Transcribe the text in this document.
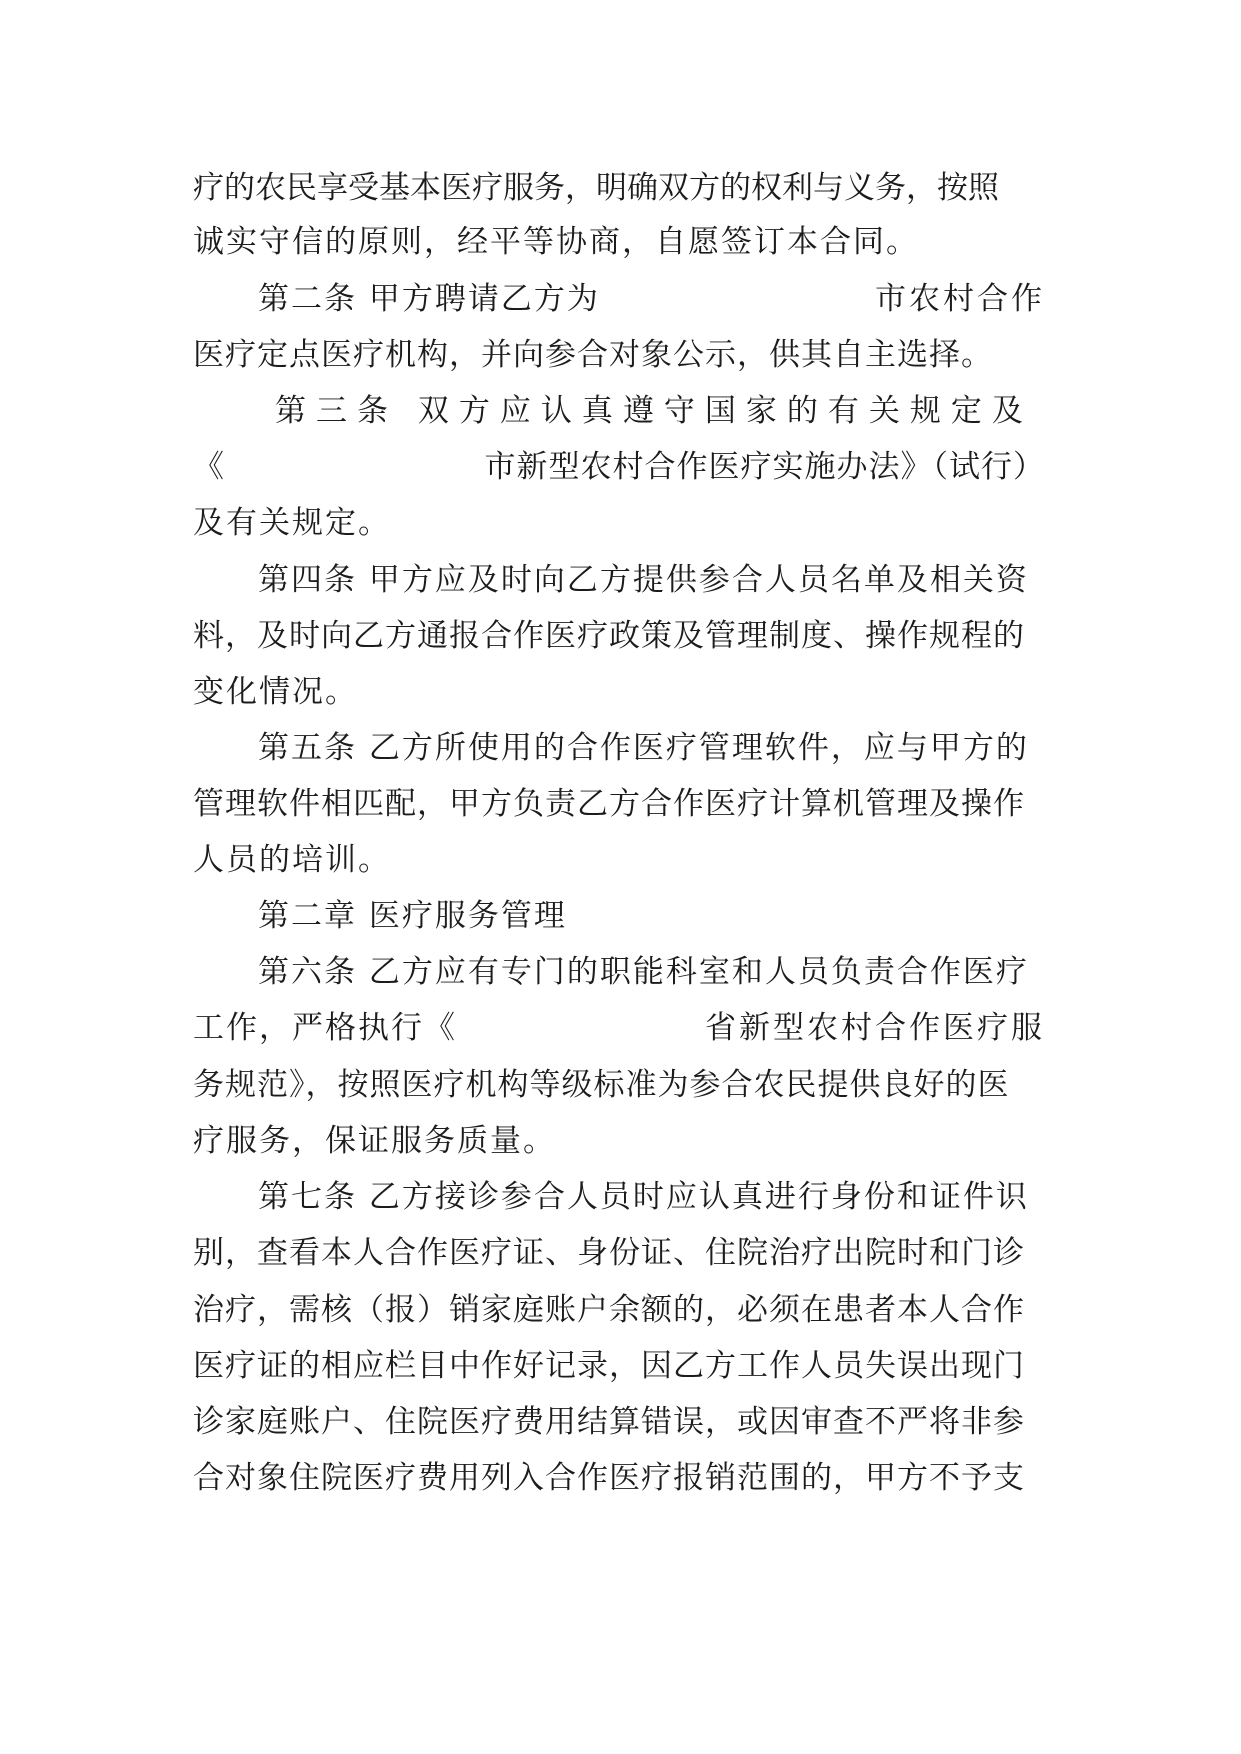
疗的农民享受基本医疗服务，明确双方的权利与义务，按照
诚实守信的原则，经平等协商，自愿签订本合同。
第二条 甲方聘请乙方为	市农村合作
医疗定点医疗机构，并向参合对象公示，供其自主选择。
第三条 双方应认真遵守国家的有关规定及
《	市新型农村合作医疗实施办法》（试行）
及有关规定。
第四条 甲方应及时向乙方提供参合人员名单及相关资
料，及时向乙方通报合作医疗政策及管理制度、操作规程的
变化情况。
第五条 乙方所使用的合作医疗管理软件，应与甲方的
管理软件相匹配，甲方负责乙方合作医疗计算机管理及操作
人员的培训。
第二章 医疗服务管理
第六条 乙方应有专门的职能科室和人员负责合作医疗
工作，严格执行《	省新型农村合作医疗服
务规范》，按照医疗机构等级标准为参合农民提供良好的医
疗服务，保证服务质量。
第七条 乙方接诊参合人员时应认真进行身份和证件识
别，查看本人合作医疗证、身份证、住院治疗出院时和门诊
治疗，需核（报）销家庭账户余额的，必须在患者本人合作
医疗证的相应栏目中作好记录，因乙方工作人员失误出现门
诊家庭账户、住院医疗费用结算错误，或因审查不严将非参
合对象住院医疗费用列入合作医疗报销范围的，甲方不予支
